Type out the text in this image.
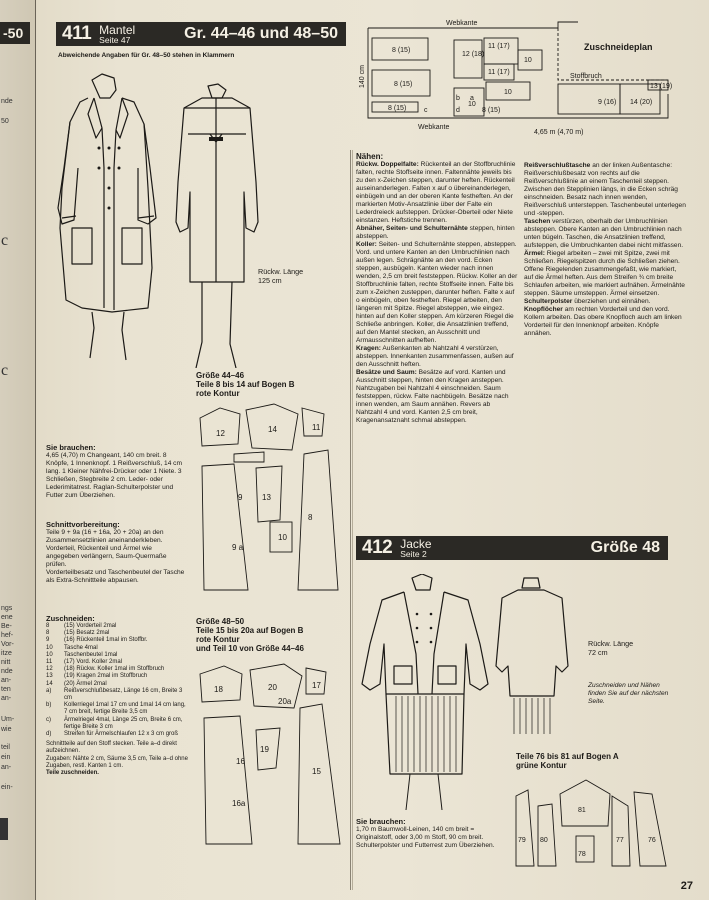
-50
nde
50
c
c
ngs
ene
Be-
hef-
Vor-
itze
nitt
nde
an-
ten
an-
Um-
wie
teil
ein
an-
ein-
411 Mantel
Seite 47	Gr. 44–46 und 48–50
Abweichende Angaben für Gr. 48–50 stehen in Klammern
Rückw. Länge
125 cm
Größe 44–46
Teile 8 bis 14 auf Bogen B
rote Kontur
12	14	11
9
9 a
13
8
10
Größe 48–50
Teile 15 bis 20a auf Bogen B
rote Kontur
und Teil 10 von Größe 44–46
18	20
20a
17
16
16a
19
15
Sie brauchen:
4,65 (4,70) m Changeant, 140 cm breit. 8 Knöpfe, 1 Innenknopf. 1 Reißverschluß, 14 cm lang. 1 Kleiner Nähfrei-Drücker oder 1 Niete. 3 Schließen, Stegbreite 2 cm. Leder- oder Lederimitatrest. Raglan-Schulterpolster und Futter zum Überziehen.
Schnittvorbereitung:
Teile 9 + 9a (16 + 16a, 20 + 20a) an den Zusammensetzlinien aneinanderkleben.
Vorderteil, Rückenteil und Ärmel wie angegeben verlängern, Saum-Quermaße prüfen.
Vorderteilbesatz und Taschenbeutel der Tasche als Extra-Schnittteile abpausen.
Zuschneiden:
8	(15) Vorderteil 2mal
8	(15) Besatz 2mal
9	(16) Rückenteil 1mal im Stoffbr.
10	Tasche 4mal
10	Taschenbeutel 1mal
11	(17) Vord. Koller 2mal
12	(18) Rückw. Koller 1mal im Stoffbruch
13	(19) Kragen 2mal im Stoffbruch
14	(20) Ärmel 2mal
a)	Reißverschlußbesatz, Länge 16 cm, Breite 3 cm
b)	Kollerriegel 1mal 17 cm und 1mal 14 cm lang, 7 cm breit, fertige Breite 3,5 cm
c)	Ärmelriegel 4mal, Länge 25 cm, Breite 6 cm, fertige Breite 3 cm
d)	Streifen für Ärmelschlaufen 12 x 3 cm groß
Schnittteile auf den Stoff stecken. Teile a–d direkt aufzeichnen.
Zugaben: Nähte 2 cm, Säume 3,5 cm, Teile a–d ohne Zugaben, restl. Kanten 1 cm.
Teile zuschneiden.
8 (15)
8 (15)
8 (15)
12 (18)
11 (17)
11 (17)
10
10
9 (16)
13 (19)
14 (20)
8 (15)
10
b
d
a
c
Webkante
Webkante
Stoffbruch
4,65 m (4,70 m)
140 cm
Zuschneideplan
Nähen:

Rückw. Doppelfalte: Rückenteil an der Stoffbruchlinie falten, rechte Stoffseite innen. Faltennähte jeweils bis zu den x-Zeichen steppen, darunter heften. Rückenteil auseinanderlegen. Falten x auf o übereinanderlegen, einbügeln und an der oberen Kante festheften. An der markierten Motiv-Ansatzlinie über der Falte ein Lederdreieck aufsteppen. Drücker-Oberteil oder Niete einstanzen. Heftstiche trennen.

Abnäher, Seiten- und Schulternähte steppen, hinten absteppen.

Koller: Seiten- und Schulternähte steppen, absteppen. Vord. und untere Kanten an den Umbruchlinien nach außen legen. Schrägnähte an den vord. Ecken steppen, ausbügeln. Kanten wieder nach innen wenden, 2,5 cm breit feststeppen. Rückw. Koller an der Stoffbruchlinie falten, rechte Stoffseite innen. Falte bis zum x-Zeichen zusteppen, darunter heften. Falte x auf o einbügeln, oben festheften. Riegel arbeiten, den längeren mit Spitze. Riegel absteppen, wie eingez. hinten auf den Koller steppen. Am kürzeren Riegel die Schließe anbringen. Koller, die Ansatzlinien treffend, auf den Mantel stecken, an Ausschnitt und Armausschnitten aufheften.

Kragen: Außenkanten ab Nahtzahl 4 verstürzen, absteppen. Innenkanten zusammenfassen, außen auf den Ausschnitt heften.

Besätze und Saum: Besätze auf vord. Kanten und Ausschnitt steppen, hinten den Kragen ansteppen. Nahtzugaben bei Nahtzahl 4 einschneiden. Saum feststeppen, rückw. Falte nachbügeln. Besätze nach innen wenden, am Saum annähen. Revers ab Nahtzahl 4 und vord. Kanten 2,5 cm breit, Kragenansatznaht schmal absteppen.

Reißverschlußtasche an der linken Außentasche: Reißverschlußbesatz von rechts auf die Reißverschlußlinie an einem Taschenteil steppen. Zwischen den Stepplinien längs, in die Ecken schräg einschneiden. Besatz nach innen wenden, Reißverschluß untersteppen. Taschenbeutel unterlegen und -steppen.

Taschen verstürzen, oberhalb der Umbruchlinien absteppen. Obere Kanten an den Umbruchlinien nach unten bügeln. Taschen, die Ansatzlinien treffend, aufsteppen, die Umbruchkanten dabei nicht mitfassen.

Ärmel: Riegel arbeiten – zwei mit Spitze, zwei mit Schließen. Riegelspitzen durch die Schließen ziehen. Offene Riegelenden zusammengefaßt, wie markiert, auf die Ärmel heften. Aus dem Streifen ¾ cm breite Schlaufen arbeiten, wie markiert aufnähen. Ärmelnähte steppen. Säume umsteppen. Ärmel einsetzen.

Schulterpolster überziehen und einnähen.

Knopflöcher am rechten Vorderteil und den vord. Kollern arbeiten. Das obere Knopfloch auch am linken Vorderteil für den Innenknopf arbeiten. Knöpfe annähen.

412 Jacke
Seite 2	Größe 48
Rückw. Länge
72 cm
Zuschneiden und Nähen finden Sie auf der nächsten Seite.
Teile 76 bis 81 auf Bogen A
grüne Kontur
79 80
81
78
77	76
Sie brauchen:
1,70 m Baumwoll-Leinen, 140 cm breit = Originalstoff, oder 3,00 m Stoff, 90 cm breit. Schulterpolster und Futterrest zum Überziehen.
27
